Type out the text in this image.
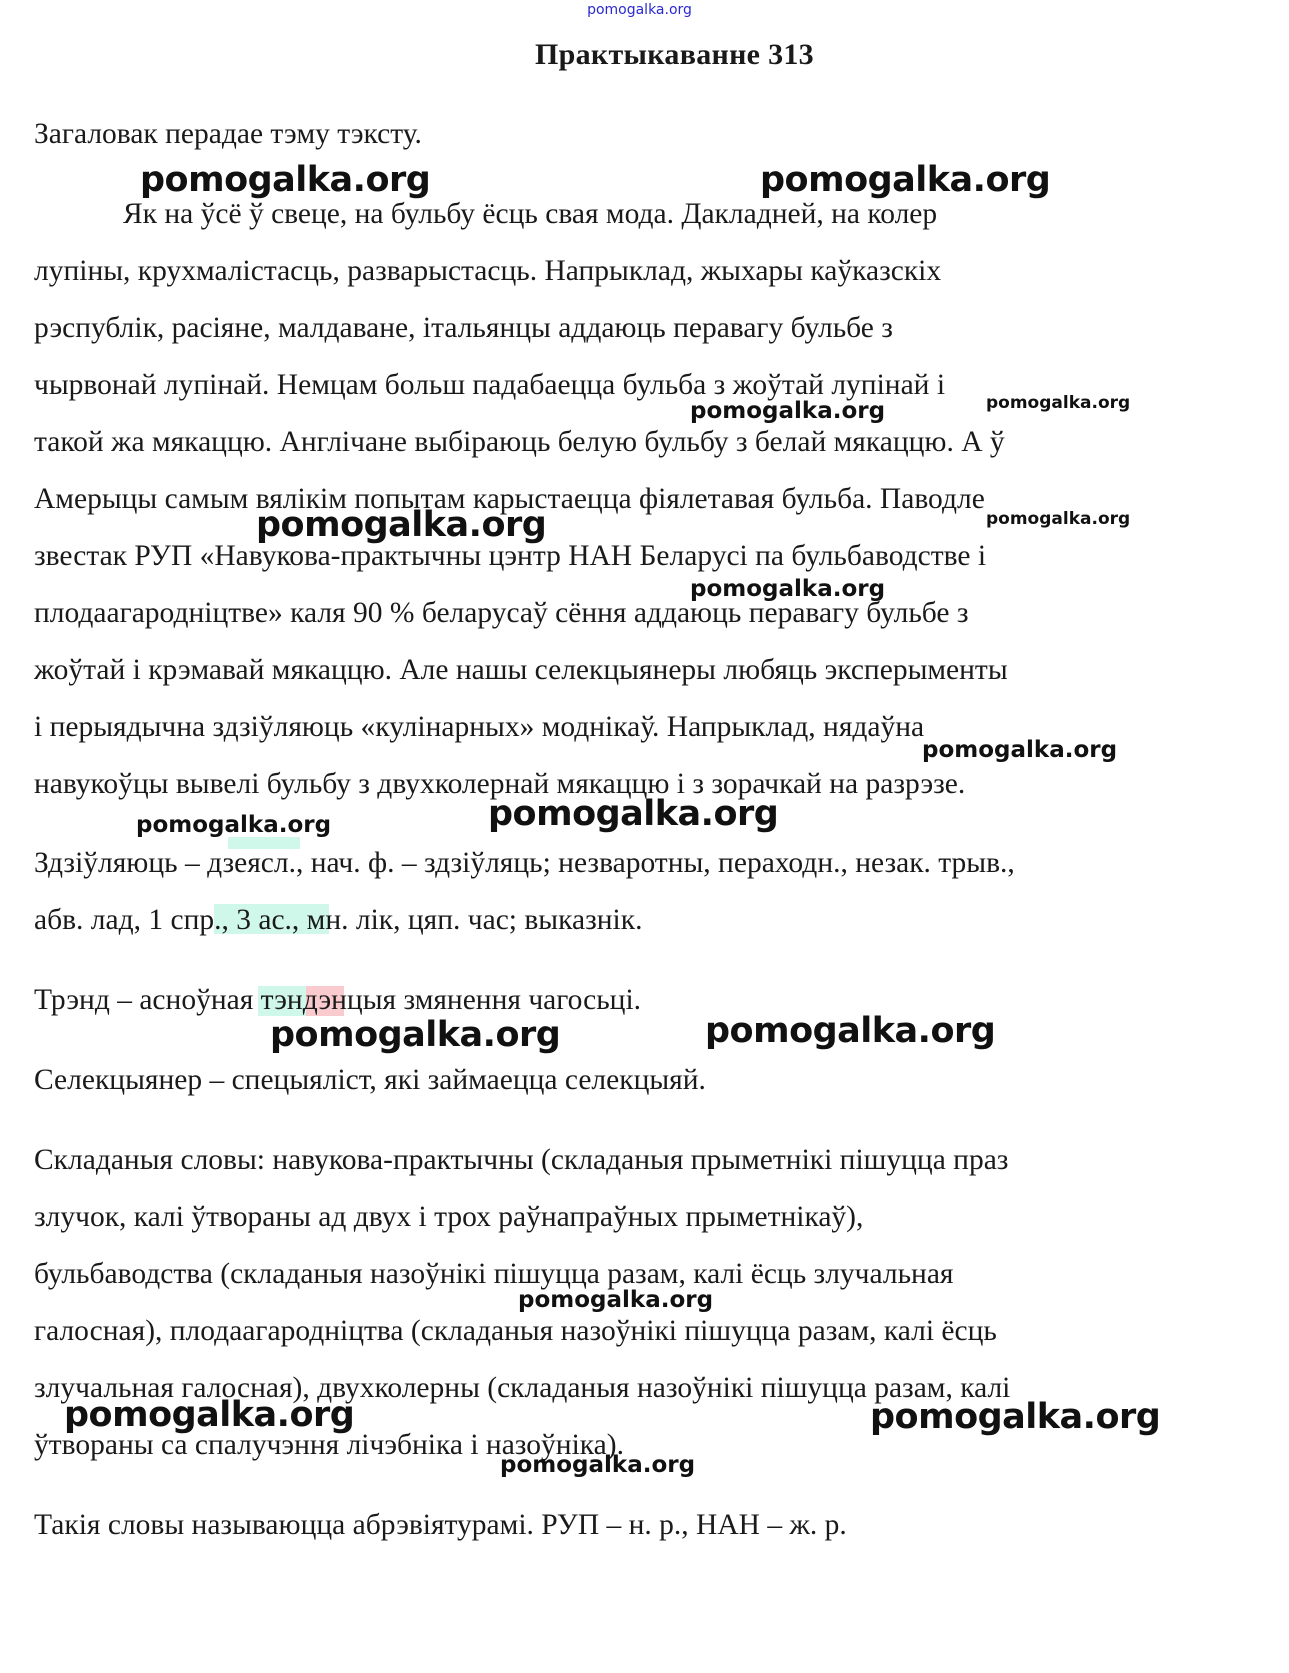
pomogalka.org
Практыкаванне 313
Загаловак перадае тэму тэксту.
Як на ўсё ў свеце, на бульбу ёсць свая мода. Дакладней, на колер
лупіны, крухмалістасць, разварыстасць. Напрыклад, жыхары каўказскіх
рэспублік, расіяне, малдаване, італьянцы аддаюць перавагу бульбе з
чырвонай лупінай. Немцам больш падабаецца бульба з жоўтай лупінай і
такой жа мякаццю. Англічане выбіраюць белую бульбу з белай мякаццю. А ў
Амерыцы самым вялікім попытам карыстаецца фіялетавая бульба. Паводле
звестак РУП «Навукова-практычны цэнтр НАН Беларусі па бульбаводстве і
плодаагародніцтве» каля 90 % беларусаў сёння аддаюць перавагу бульбе з
жоўтай і крэмавай мякаццю. Але нашы селекцыянеры любяць эксперыменты
і перыядычна здзіўляюць «кулінарных» моднікаў. Напрыклад, нядаўна
навукоўцы вывелі бульбу з двухколернай мякаццю і з зорачкай на разрэзе.
Здзіўляюць – дзеясл., нач. ф. – здзіўляць; незваротны, пераходн., незак. трыв.,
абв. лад, 1 спр., 3 ас., мн. лік, цяп. час; выказнік.
Трэнд – асноўная тэндэнцыя змянення чагосьці.
Селекцыянер – спецыяліст, які займаецца селекцыяй.
Складаныя словы: навукова-практычны (складаныя прыметнікі пішуцца праз
злучок, калі ўтвораны ад двух і трох раўнапраўных прыметнікаў),
бульбаводства (складаныя назоўнікі пішуцца разам, калі ёсць злучальная
галосная), плодаагародніцтва (складаныя назоўнікі пішуцца разам, калі ёсць
злучальная галосная), двухколерны (складаныя назоўнікі пішуцца разам, калі
ўтвораны са спалучэння лічэбніка і назоўніка).
Такія словы называюцца абрэвіятурамі. РУП – н. р., НАН – ж. р.
pomogalka.org	pomogalka.org
pomogalka.org	pomogalka.org
pomogalka.org	pomogalka.org
pomogalka.org
pomogalka.org
pomogalka.org	pomogalka.org
pomogalka.org	pomogalka.org
pomogalka.org
pomogalka.org	pomogalka.org
pomogalka.org
